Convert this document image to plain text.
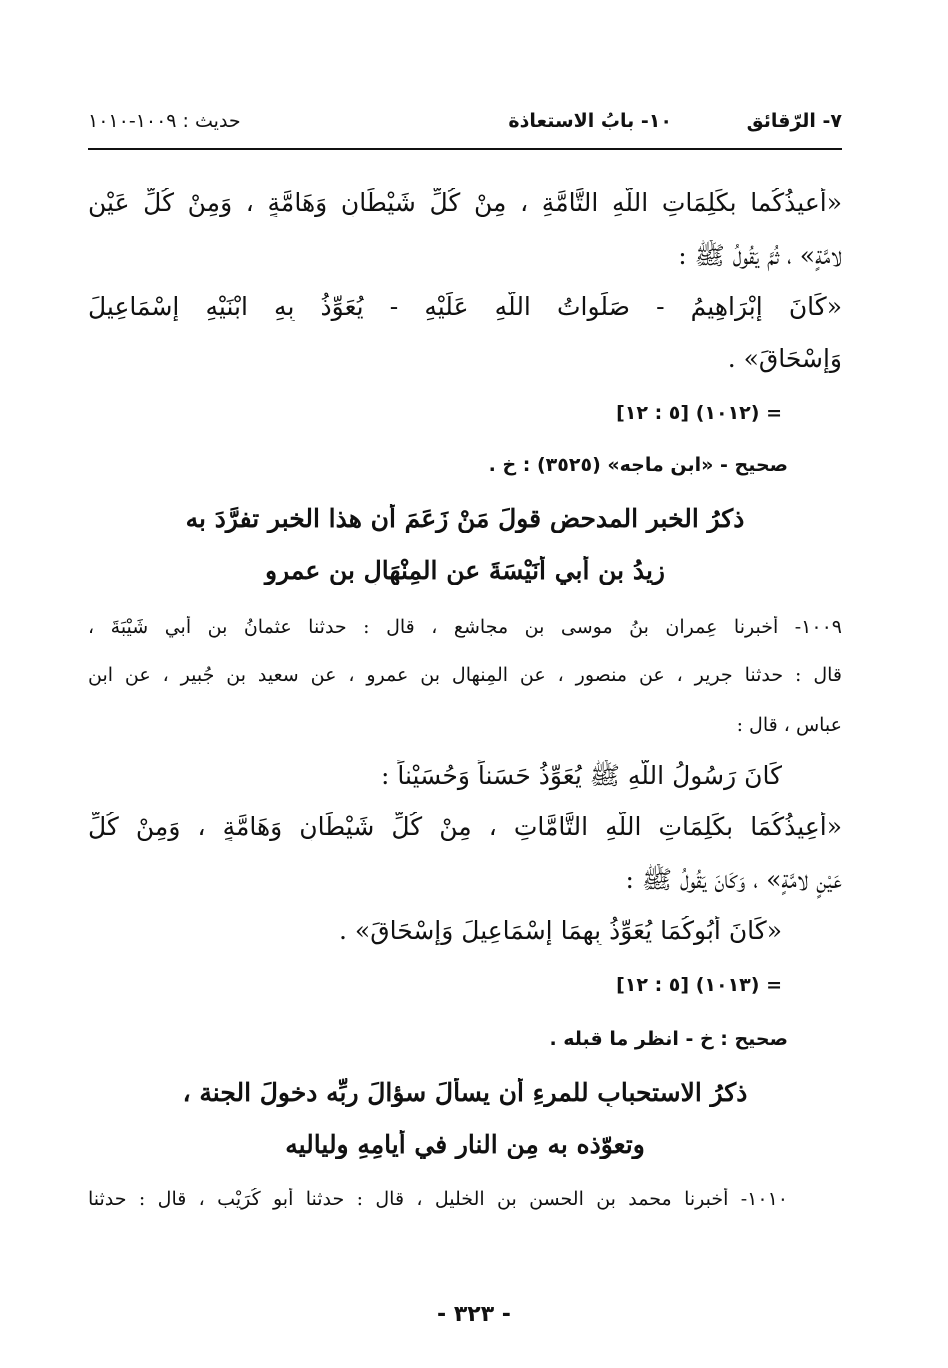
٧- الرّقائق
١٠- بابُ الاستعاذة
حديث : ١٠٠٩-١٠١٠
«أُعيذُكُما بكَلِمَاتِ اللّهِ التَّامَّةِ ، مِنْ كُلِّ شَيْطَانٍ وَهَامَّةٍ ، وَمِنْ كُلِّ عَيْنٍ
لامَّةٍ» ، ثُمَّ يَقُولُ ﷺ :
«كَانَ إِبْرَاهِيمُ - صَلَواتُ اللّهِ عَلَيْهِ - يُعَوِّذُ بِهِ ابْنَيْهِ إِسْمَاعِيلَ
وَإِسْحَاقَ» .
= (١٠١٢) [٥ : ١٢]
صحيح - «ابن ماجه» (٣٥٢٥) : خ .
ذكرُ الخبرِ المدحض قولَ مَنْ زَعَمَ أن هذا الخبر تفرَّدَ به
زيدُ بن أبي أُنَيْسَةَ عن المِنْهَالِ بن عمرو
١٠٠٩- أخبرنا عِمران بنُ موسى بن مجاشع ، قال : حدثنا عثمانُ بن أبي شَيْبَةَ ،
قال : حدثنا جرير ، عن منصور ، عن المِنهال بن عمرو ، عن سعيد بن جُبير ، عن ابن
عباس ، قال :
كَانَ رَسُولُ اللّهِ ﷺ يُعَوِّذُ حَسَناً وَحُسَيْناً :
«أُعِيذُكُمَا بكَلِمَاتِ اللّهِ التَّامَّاتِ ، مِنْ كُلِّ شَيْطَانٍ وَهَامَّةٍ ، وَمِنْ كُلِّ
عَيْنٍ لامَّةٍ» ، وَكَانَ يَقُولُ ﷺ :
«كَانَ أَبُوكُمَا يُعَوِّذُ بِهِمَا إِسْمَاعِيلَ وَإِسْحَاقَ» .
= (١٠١٣) [٥ : ١٢]
صحيح : خ - انظر ما قبله .
ذكرُ الاستحبابِ للمرءِ أن يسألَ سؤالَ ربِّه دخولَ الجنة ،
وتعوّذه به مِن النار في أيامِهِ ولياليه
١٠١٠- أخبرنا محمد بن الحسن بن الخليل ، قال : حدثنا أبو كُرَيْب ، قال : حدثنا
- ٣٢٣ -
